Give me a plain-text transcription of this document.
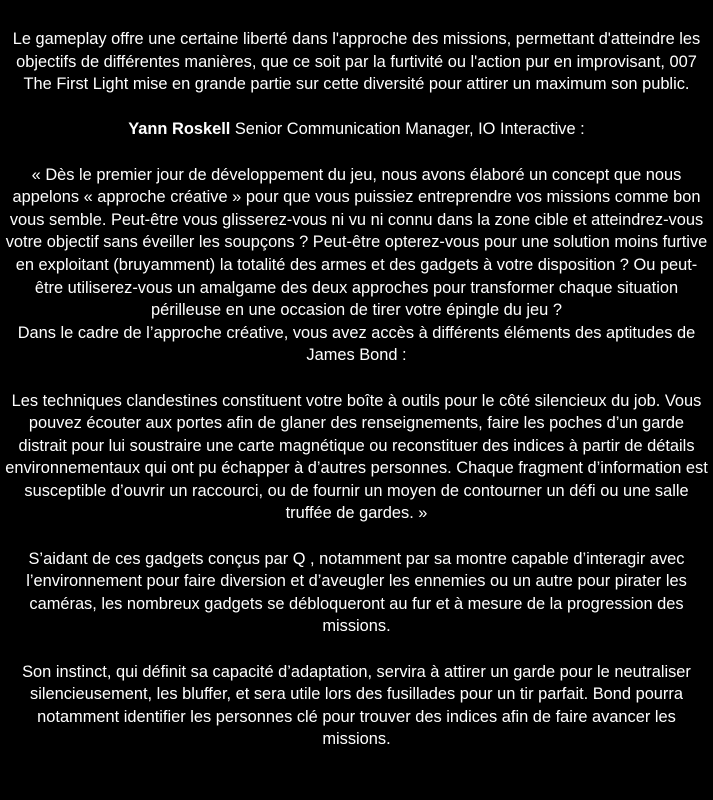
Le gameplay offre une certaine liberté dans l'approche des missions, permettant d'atteindre les objectifs de différentes manières, que ce soit par la furtivité ou l'action pur en improvisant, 007 The First Light mise en grande partie sur cette diversité pour attirer un maximum son public.

Yann Roskell Senior Communication Manager, IO Interactive :

« Dès le premier jour de développement du jeu, nous avons élaboré un concept que nous appelons « approche créative » pour que vous puissiez entreprendre vos missions comme bon vous semble. Peut-être vous glisserez-vous ni vu ni connu dans la zone cible et atteindrez-vous votre objectif sans éveiller les soupçons ? Peut-être opterez-vous pour une solution moins furtive en exploitant (bruyamment) la totalité des armes et des gadgets à votre disposition ? Ou peut-être utiliserez-vous un amalgame des deux approches pour transformer chaque situation périlleuse en une occasion de tirer votre épingle du jeu ?

Dans le cadre de l’approche créative, vous avez accès à différents éléments des aptitudes de James Bond :

Les techniques clandestines constituent votre boîte à outils pour le côté silencieux du job. Vous pouvez écouter aux portes afin de glaner des renseignements, faire les poches d’un garde distrait pour lui soustraire une carte magnétique ou reconstituer des indices à partir de détails environnementaux qui ont pu échapper à d’autres personnes. Chaque fragment d’information est susceptible d’ouvrir un raccourci, ou de fournir un moyen de contourner un défi ou une salle truffée de gardes. »

S’aidant de ces gadgets conçus par Q , notamment par sa montre capable d’interagir avec l’environnement pour faire diversion et d’aveugler les ennemies ou un autre pour pirater les caméras, les nombreux gadgets se débloqueront au fur et à mesure de la progression des missions.

Son instinct, qui définit sa capacité d’adaptation, servira à attirer un garde pour le neutraliser silencieusement, les bluffer, et sera utile lors des fusillades pour un tir parfait. Bond pourra notamment identifier les personnes clé pour trouver des indices afin de faire avancer les missions.
